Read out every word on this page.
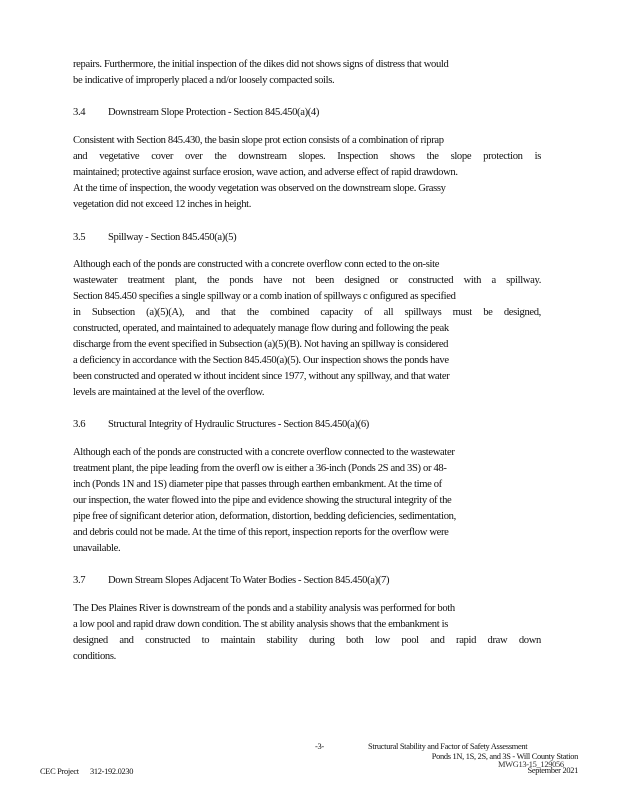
repairs. Furthermore, the initial inspection of the dikes did not shows signs of distress that would
be indicative of improperly placed a nd/or loosely compacted soils.
3.4 Downstream Slope Protection - Section 845.450(a)(4)
Consistent with Section 845.430, the basin slope prot ection consists of a combination of riprap
and vegetative cover over the downstream slopes. Inspection shows the slope protection is
maintained; protective against surface erosion, wave action, and adverse effect of rapid drawdown.
At the time of inspection, the woody vegetation was observed on the downstream slope. Grassy
vegetation did not exceed 12 inches in height.
3.5 Spillway - Section 845.450(a)(5)
Although each of the ponds are constructed with a concrete overflow conn ected to the on-site
wastewater treatment plant, the ponds have not been designed or constructed with a spillway.
Section 845.450 specifies a single spillway or a comb ination of spillways c onfigured as specified
in Subsection (a)(5)(A), and that the combined capacity of all spillways must be designed,
constructed, operated, and maintained to adequately manage flow during and following the peak
discharge from the event specified in Subsection (a)(5)(B). Not having an spillway is considered
a deficiency in accordance with the Section 845.450(a)(5). Our inspection shows the ponds have
been constructed and operated w ithout incident since 1977, without any spillway, and that water
levels are maintained at the level of the overflow.
3.6 Structural Integrity of Hydraulic Structures - Section 845.450(a)(6)
Although each of the ponds are constructed with a concrete overflow connected to the wastewater
treatment plant, the pipe leading from the overfl ow is either a 36-inch (Ponds 2S and 3S) or 48-
inch (Ponds 1N and 1S) diameter pipe that passes through earthen embankment. At the time of
our inspection, the water flowed into the pipe and evidence showing the structural integrity of the
pipe free of significant deterior ation, deformation, distortion, bedding deficiencies, sedimentation,
and debris could not be made. At the time of this report, inspection reports for the overflow were
unavailable.
3.7 Down Stream Slopes Adjacent To Water Bodies - Section 845.450(a)(7)
The Des Plaines River is downstream of the ponds and a stability analysis was performed for both
a low pool and rapid draw down condition. The st ability analysis shows that the embankment is
designed and constructed to maintain stability during both low pool and rapid draw down
conditions.
-3-	Structural Stability and Factor of Safety Assessment
Ponds 1N, 1S, 2S, and 3S - Will County Station
MWG13-15_129056
September 2021
CEC Project 312-192.0230
